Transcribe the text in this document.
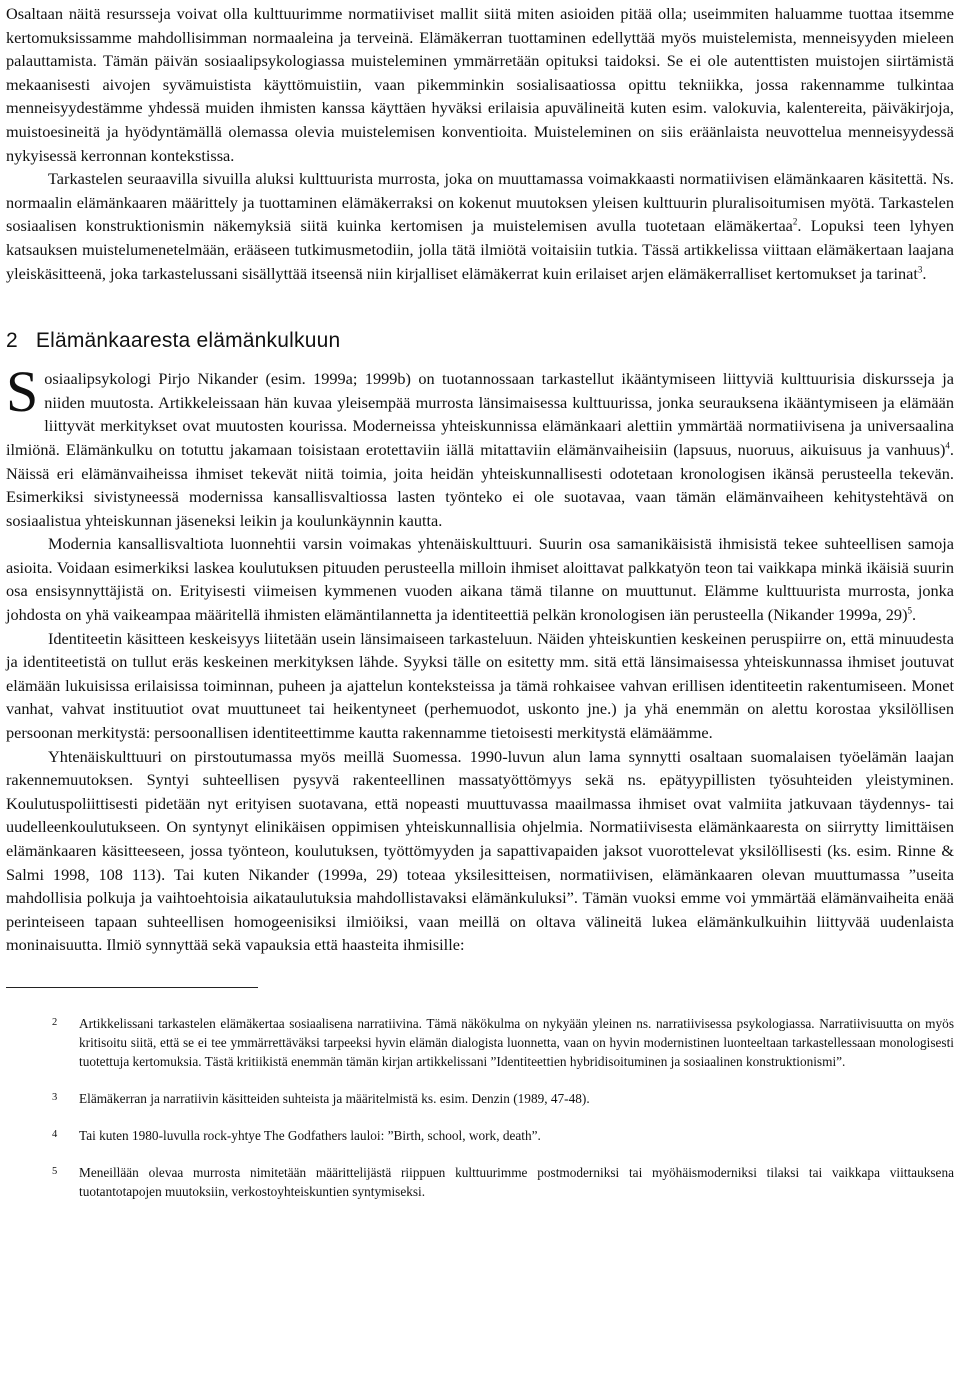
Osaltaan näitä resursseja voivat olla kulttuurimme normatiiviset mallit siitä miten asioiden pitää olla; useimmiten haluamme tuottaa itsemme kertomuksissamme mahdollisimman normaaleina ja terveinä. Elämäkerran tuottaminen edellyttää myös muistelemista, menneisyyden mieleen palauttamista. Tämän päivän sosiaalipsykologiassa muisteleminen ymmärretään opituksi taidoksi. Se ei ole autenttisten muistojen siirtämistä mekaanisesti aivojen syvämuistista käyttömuistiin, vaan pikemminkin sosialisaatiossa opittu tekniikka, jossa rakennamme tulkintaa menneisyydestämme yhdessä muiden ihmisten kanssa käyttäen hyväksi erilaisia apuvälineitä kuten esim. valokuvia, kalentereita, päiväkirjoja, muistoesineitä ja hyödyntämällä olemassa olevia muistelemisen konventioita. Muisteleminen on siis eräänlaista neuvottelua menneisyydessä nykyisessä kerronnan kontekstissa.

Tarkastelen seuraavilla sivuilla aluksi kulttuurista murrosta, joka on muuttamassa voimakkaasti normatiivisen elämänkaaren käsitettä. Ns. normaalin elämänkaaren määrittely ja tuottaminen elämäkerraksi on kokenut muutoksen yleisen kulttuurin pluralisoitumisen myötä. Tarkastelen sosiaalisen konstruktionismin näkemyksiä siitä kuinka kertomisen ja muistelemisen avulla tuotetaan elämäkertaa$^2$. Lopuksi teen lyhyen katsauksen muistelumenetelmään, erääseen tutkimusmetodiin, jolla tätä ilmiötä voitaisiin tutkia. Tässä artikkelissa viittaan elämäkertaan laajana yleiskäsitteenä, joka tarkastelussani sisällyttää itseensä niin kirjalliset elämäkerrat kuin erilaiset arjen elämäkerralliset kertomukset ja tarinat$^3$.

2 Elämänkaaresta elämänkulkuun

Sosiaalipsykologi Pirjo Nikander (esim. 1999a; 1999b) on tuotannossaan tarkastellut ikääntymiseen liittyviä kulttuurisia diskursseja ja niiden muutosta. Artikkeleissaan hän kuvaa yleisempää murrosta länsimaisessa kulttuurissa, jonka seurauksena ikääntymiseen ja elämään liittyvät merkitykset ovat muutosten kourissa. Moderneissa yhteiskunnissa elämänkaari alettiin ymmärtää normatiivisena ja universaalina ilmiönä. Elämänkulku on totuttu jakamaan toisistaan erotettaviin iällä mitattaviin elämänvaiheisiin (lapsuus, nuoruus, aikuisuus ja vanhuus)$^4$. Näissä eri elämänvaiheissa ihmiset tekevät niitä toimia, joita heidän yhteiskunnallisesti odotetaan kronologisen ikänsä perusteella tekevän. Esimerkiksi sivistyneessä modernissa kansallisvaltiossa lasten työnteko ei ole suotavaa, vaan tämän elämänvaiheen kehitystehtävä on sosiaalistua yhteiskunnan jäseneksi leikin ja koulunkäynnin kautta.

Modernia kansallisvaltiota luonnehtii varsin voimakas yhtenäiskulttuuri. Suurin osa samanikäisistä ihmisistä tekee suhteellisen samoja asioita. Voidaan esimerkiksi laskea koulutuksen pituuden perusteella milloin ihmiset aloittavat palkkatyön teon tai vaikkapa minkä ikäisiä suurin osa ensisynnyttäjistä on. Erityisesti viimeisen kymmenen vuoden aikana tämä tilanne on muuttunut. Elämme kulttuurista murrosta, jonka johdosta on yhä vaikeampaa määritellä ihmisten elämäntilannetta ja identiteettiä pelkän kronologisen iän perusteella (Nikander 1999a, 29)$^5$.

Identiteetin käsitteen keskeisyys liitetään usein länsimaiseen tarkasteluun. Näiden yhteiskuntien keskeinen peruspiirre on, että minuudesta ja identiteetistä on tullut eräs keskeinen merkityksen lähde. Syyksi tälle on esitetty mm. sitä että länsimaisessa yhteiskunnassa ihmiset joutuvat elämään lukuisissa erilaisissa toiminnan, puheen ja ajattelun konteksteissa ja tämä rohkaisee vahvan erillisen identiteetin rakentumiseen. Monet vanhat, vahvat instituutiot ovat muuttuneet tai heikentyneet (perhemuodot, uskonto jne.) ja yhä enemmän on alettu korostaa yksilöllisen persoonan merkitystä: persoonallisen identiteettimme kautta rakennamme tietoisesti merkitystä elämäämme.

Yhtenäiskulttuuri on pirstoutumassa myös meillä Suomessa. 1990-luvun alun lama synnytti osaltaan suomalaisen työelämän laajan rakennemuutoksen. Syntyi suhteellisen pysyvä rakenteellinen massatyöttömyys sekä ns. epätyypillisten työsuhteiden yleistyminen. Koulutuspoliittisesti pidetään nyt erityisen suotavana, että nopeasti muuttuvassa maailmassa ihmiset ovat valmiita jatkuvaan täydennys- tai uudelleenkoulutukseen. On syntynyt elinikäisen oppimisen yhteiskunnallisia ohjelmia. Normatiivisesta elämänkaaresta on siirrytty limittäisen elämänkaaren käsitteeseen, jossa työnteon, koulutuksen, työttömyyden ja sapattivapaiden jaksot vuorottelevat yksilöllisesti (ks. esim. Rinne & Salmi 1998, 108 113). Tai kuten Nikander (1999a, 29) toteaa yksilesitteisen, normatiivisen, elämänkaaren olevan muuttumassa ”useita mahdollisia polkuja ja vaihtoehtoisia aikataulutuksia mahdollistavaksi elämänkuluksi”. Tämän vuoksi emme voi ymmärtää elämänvaiheita enää perinteiseen tapaan suhteellisen homogeenisiksi ilmiöiksi, vaan meillä on oltava välineitä lukea elämänkulkuihin liittyvää uudenlaista moninaisuutta. Ilmiö synnyttää sekä vapauksia että haasteita ihmisille:

2	Artikkelissani tarkastelen elämäkertaa sosiaalisena narratiivina. Tämä näkökulma on nykyään yleinen ns. narratiivisessa psykologiassa. Narratiivisuutta on myös kritisoitu siitä, että se ei tee ymmärrettäväksi tarpeeksi hyvin elämän dialogista luonnetta, vaan on hyvin modernistinen luonteeltaan tarkastellessaan monologisesti tuotettuja kertomuksia. Tästä kritiikistä enemmän tämän kirjan artikkelissani ”Identiteettien hybridisoituminen ja sosiaalinen konstruktionismi”.
3	Elämäkerran ja narratiivin käsitteiden suhteista ja määritelmistä ks. esim. Denzin (1989, 47-48).
4	Tai kuten 1980-luvulla rock-yhtye The Godfathers lauloi: ”Birth, school, work, death”.
5	Meneillään olevaa murrosta nimitetään määrittelijästä riippuen kulttuurimme postmoderniksi tai myöhäismoderniksi tilaksi tai vaikkapa viittauksena tuotantotapojen muutoksiin, verkostoyhteiskuntien syntymiseksi.
